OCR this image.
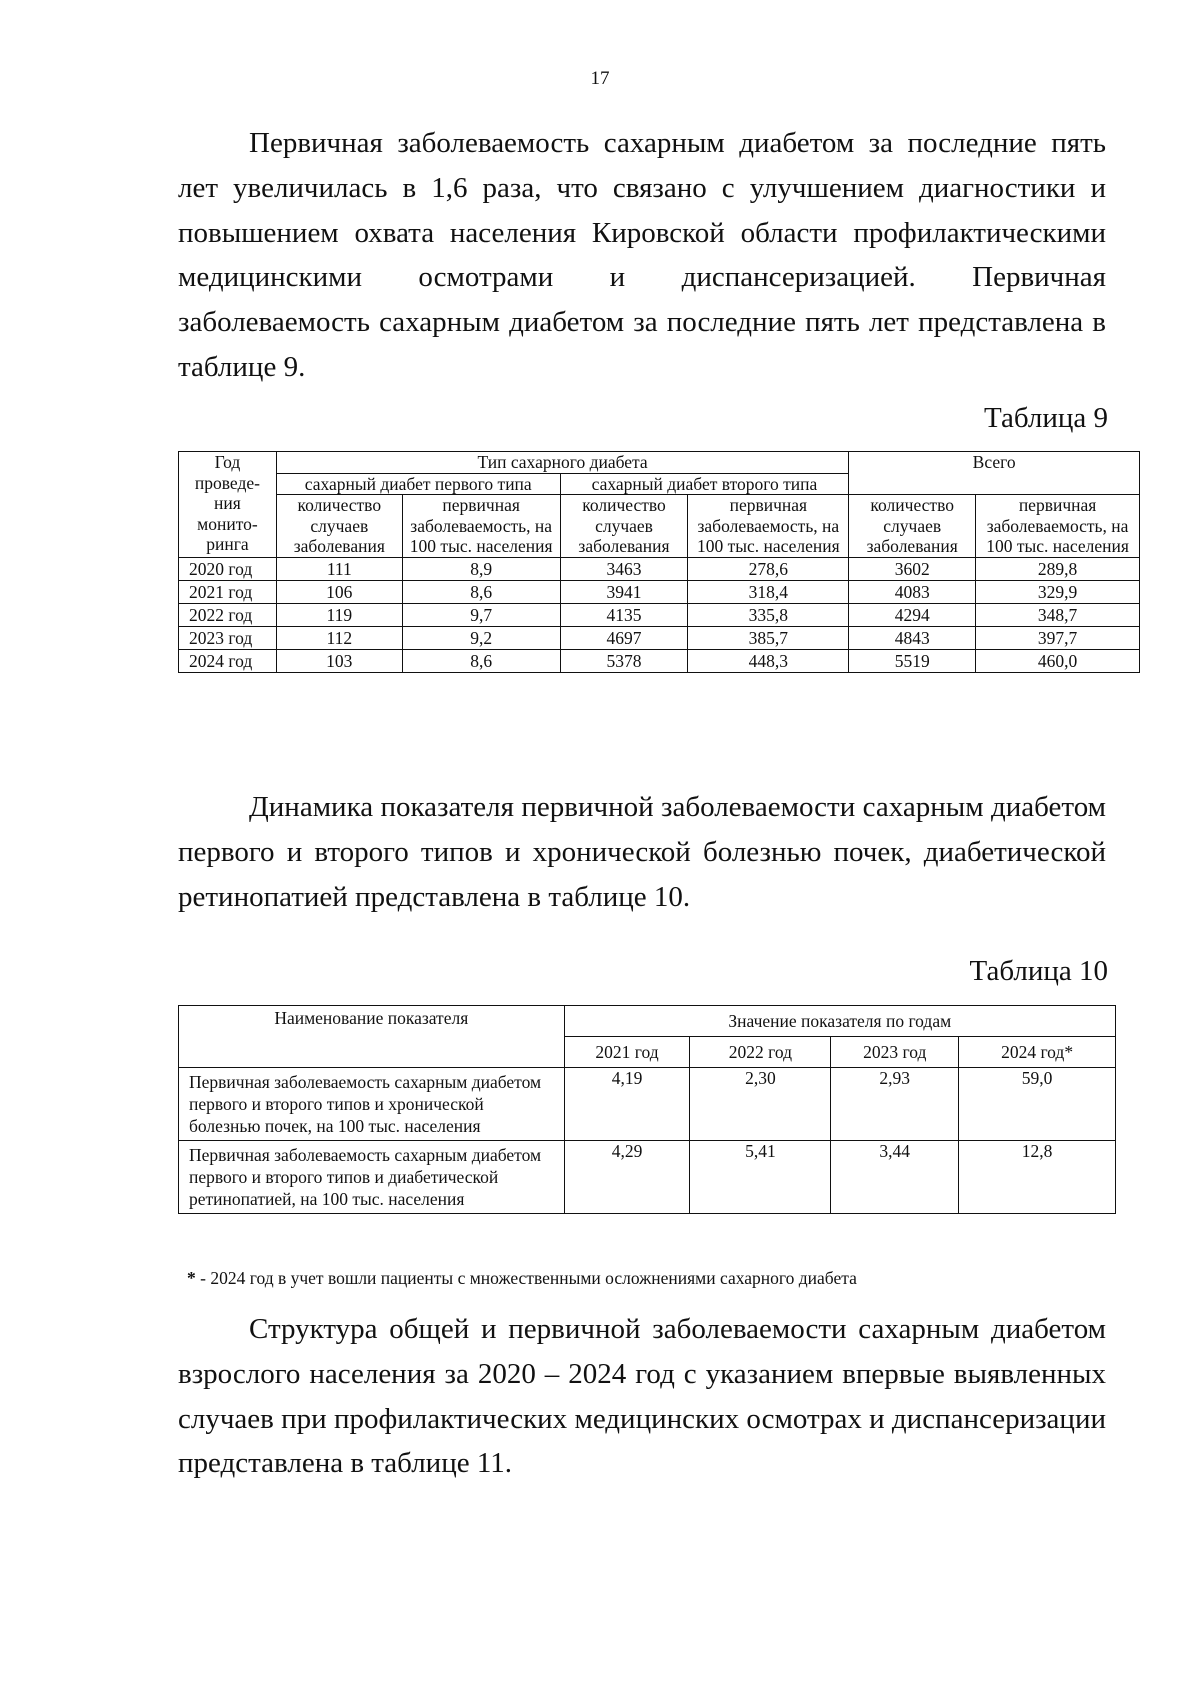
17

Первичная заболеваемость сахарным диабетом за последние пять лет увеличилась в 1,6 раза, что связано с улучшением диагностики и повышением охвата населения Кировской области профилактическими медицинскими осмотрами и диспансеризацией. Первичная заболеваемость сахарным диабетом за последние пять лет представлена в таблице 9.

Таблица 9
Год проведе-ния монито-ринга	Тип сахарного диабета				Всего	
	сахарный диабет первого типа		сахарный диабет второго типа			
	количество случаев заболевания	первичная заболеваемость, на 100 тыс. населения	количество случаев заболевания	первичная заболеваемость, на 100 тыс. населения	количество случаев заболевания	первичная заболеваемость, на 100 тыс. населения
2020 год	111	8,9	3463	278,6	3602	289,8
2021 год	106	8,6	3941	318,4	4083	329,9
2022 год	119	9,7	4135	335,8	4294	348,7
2023 год	112	9,2	4697	385,7	4843	397,7
2024 год	103	8,6	5378	448,3	5519	460,0

Динамика показателя первичной заболеваемости сахарным диабетом первого и второго типов и хронической болезнью почек, диабетической ретинопатией представлена в таблице 10.

Таблица 10
Наименование показателя	Значение показателя по годам			
	2021 год	2022 год	2023 год	2024 год*
Первичная заболеваемость сахарным диабетом первого и второго типов и хронической болезнью почек, на 100 тыс. населения	4,19	2,30	2,93	59,0
Первичная заболеваемость сахарным диабетом первого и второго типов и диабетической ретинопатией, на 100 тыс. населения	4,29	5,41	3,44	12,8
* - 2024 год в учет вошли пациенты с множественными осложнениями сахарного диабета

Структура общей и первичной заболеваемости сахарным диабетом взрослого населения за 2020 – 2024 год с указанием впервые выявленных случаев при профилактических медицинских осмотрах и диспансеризации представлена в таблице 11.
